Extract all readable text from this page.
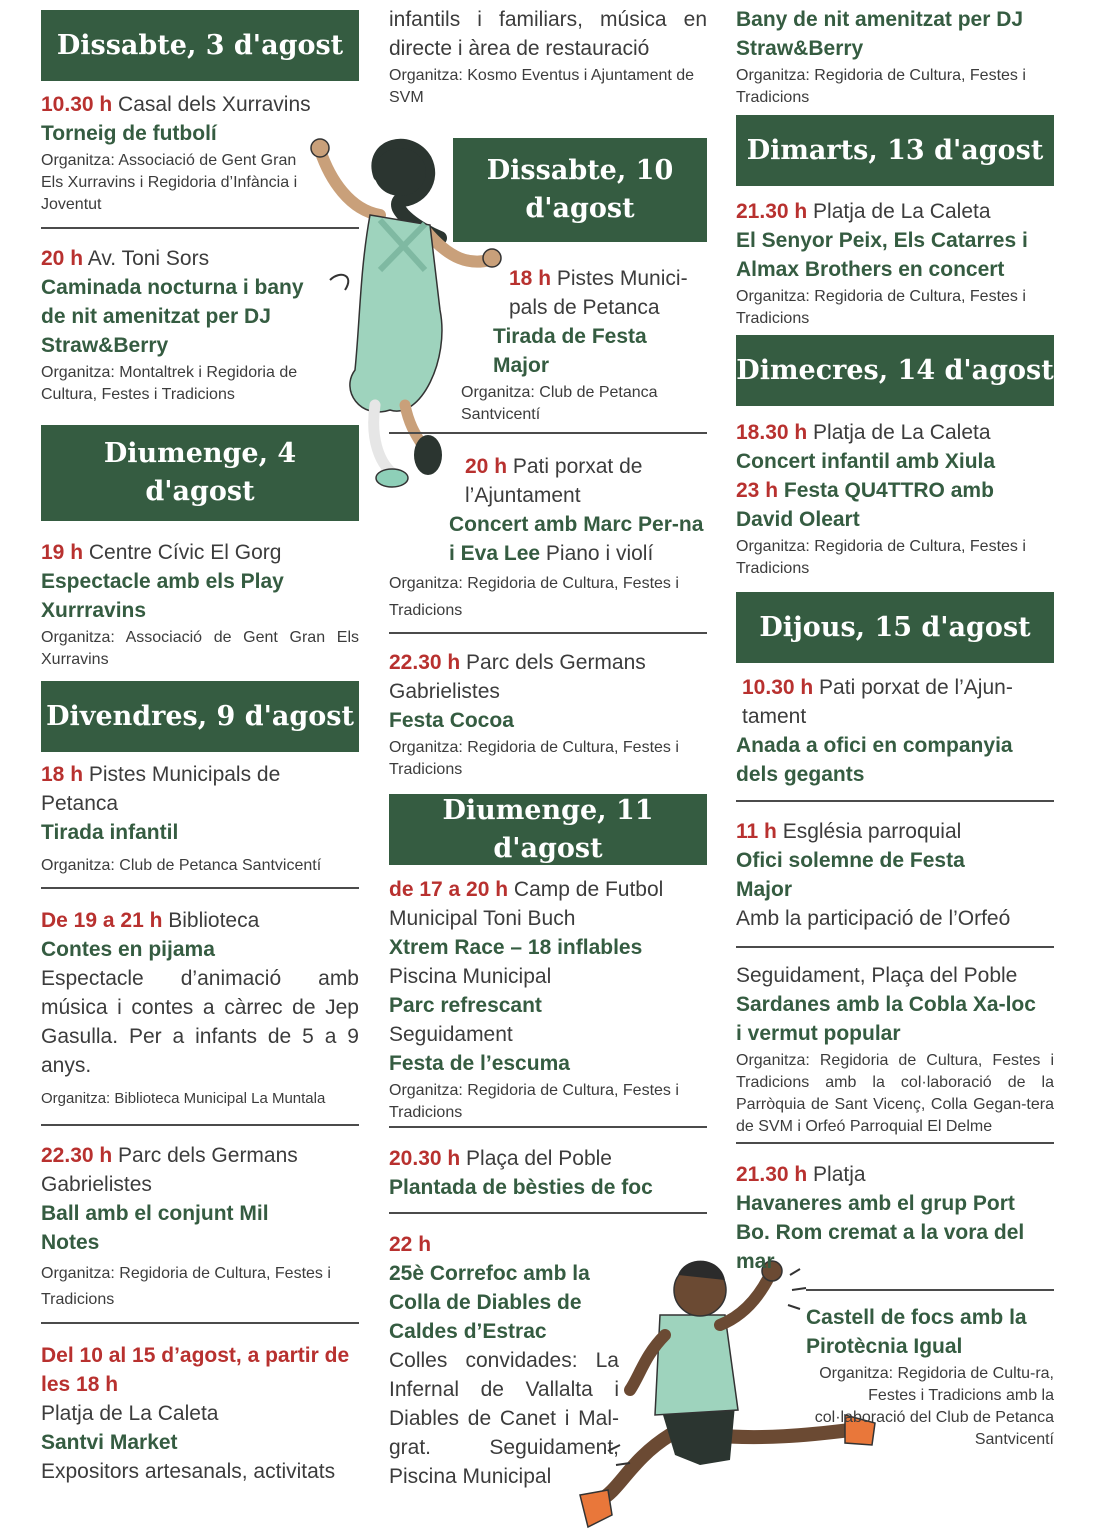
Dissabte, 3 d'agost
10.30 h Casal dels Xurravins
Torneig de futbolí
Organitza: Associació de Gent Gran Els Xurravins i Regidoria d’Infància i Joventut
20 h Av. Toni Sors
Caminada nocturna i bany de nit amenitzat per DJ Straw&Berry
Organitza: Montaltrek i Regidoria de Cultura, Festes i Tradicions
Diumenge, 4 d'agost
19 h Centre Cívic El Gorg
Espectacle amb els Play Xurrravins
Organitza: Associació de Gent Gran Els Xurravins
Divendres, 9 d'agost
18 h Pistes Municipals de Petanca
Tirada infantil
Organitza: Club de Petanca Santvicentí
De 19 a 21 h Biblioteca
Contes en pijama
Espectacle d’animació amb música i contes a càrrec de Jep Gasulla. Per a infants de 5 a 9 anys.
Organitza: Biblioteca Municipal La Muntala
22.30 h Parc dels Germans Gabrielistes
Ball amb el conjunt Mil Notes
Organitza: Regidoria de Cultura, Festes i Tradicions
Del 10 al 15 d’agost, a partir de les 18 h
Platja de La Caleta
Santvi Market
Expositors artesanals, activitats
infantils i familiars, música en directe i àrea de restauració
Organitza: Kosmo Eventus i Ajuntament de SVM
Dissabte, 10 d'agost
18 h Pistes Munici-pals de Petanca
Tirada de Festa Major
Organitza: Club de Petanca Santvicentí
20 h Pati porxat de l’Ajuntament
Concert amb Marc Per-na i Eva Lee Piano i violí
Organitza: Regidoria de Cultura, Festes i Tradicions
22.30 h Parc dels Germans Gabrielistes
Festa Cocoa
Organitza: Regidoria de Cultura, Festes i Tradicions
Diumenge, 11 d'agost
de 17 a 20 h Camp de Futbol Municipal Toni Buch
Xtrem Race – 18 inflables
Piscina Municipal
Parc refrescant
Seguidament
Festa de l’escuma
Organitza: Regidoria de Cultura, Festes i Tradicions
20.30 h Plaça del Poble
Plantada de bèsties de foc
22 h
25è Correfoc amb la Colla de Diables de Caldes d’Estrac
Colles convidades: La Infernal de Vallalta i Diables de Canet i Mal-grat. Seguidament, Piscina Municipal
Bany de nit amenitzat per DJ Straw&Berry
Organitza: Regidoria de Cultura, Festes i Tradicions
Dimarts, 13 d'agost
21.30 h Platja de La Caleta
El Senyor Peix, Els Catarres i Almax Brothers en concert
Organitza: Regidoria de Cultura, Festes i Tradicions
Dimecres, 14 d'agost
18.30 h Platja de La Caleta
Concert infantil amb Xiula
23 h Festa QU4TTRO amb David Oleart
Organitza: Regidoria de Cultura, Festes i Tradicions
Dijous, 15 d'agost
10.30 h Pati porxat de l’Ajun-tament
Anada a ofici en companyia dels gegants
11 h Església parroquial
Ofici solemne de Festa Major
Amb la participació de l’Orfeó
Seguidament, Plaça del Poble
Sardanes amb la Cobla Xa-loc i vermut popular
Organitza: Regidoria de Cultura, Festes i Tradicions amb la col·laboració de la Parròquia de Sant Vicenç, Colla Gegan-tera de SVM i Orfeó Parroquial El Delme
21.30 h Platja
Havaneres amb el grup Port Bo. Rom cremat a la vora del mar
Castell de focs amb la Pirotècnia Igual
Organitza: Regidoria de Cultu-ra, Festes i Tradicions amb la col·laboració del Club de Petanca Santvicentí
